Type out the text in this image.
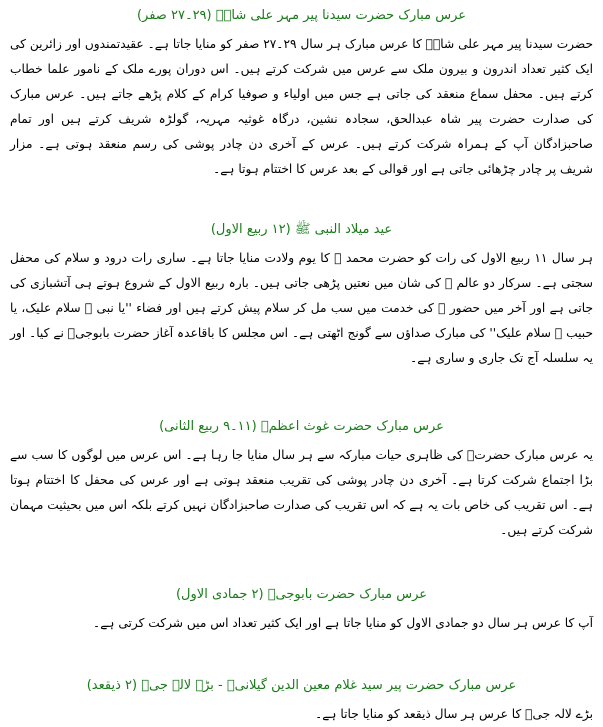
عرس مبارک حضرت سیدنا پیر مہر علی شاہؒ (۲۹۔۲۷ صفر)

حضرت سیدنا پیر مہر علی شاہؒ کا عرس مبارک ہر سال ۲۹۔۲۷ صفر کو منایا جاتا ہے۔ عقیدتمندوں اور زائرین کی ایک کثیر تعداد اندرون و بیرون ملک سے عرس میں شرکت کرتے ہیں۔ اس دوران پورے ملک کے نامور علما خطاب کرتے ہیں۔ محفل سماع منعقد کی جاتی ہے جس میں اولیاء و صوفیا کرام کے کلام پڑھے جاتے ہیں۔ عرس مبارک کی صدارت حضرت پیر شاہ عبدالحق، سجادہ نشین، درگاہ غوثیہ مہریہ، گولڑہ شریف کرتے ہیں اور تمام صاحبزادگان آپ کے ہمراہ شرکت کرتے ہیں۔ عرس کے آخری دن چادر پوشی کی رسم منعقد ہوتی ہے۔ مزار شریف پر چادر چڑھائی جاتی ہے اور قوالی کے بعد عرس کا اختتام ہوتا ہے۔

عید میلاد النبی ﷺ (۱۲ ربیع الاول)

ہر سال ۱۱ ربیع الاول کی رات کو حضرت محمد ﷺ کا یوم ولادت منایا جاتا ہے۔ ساری رات درود و سلام کی محفل سجتی ہے۔ سرکار دو عالم ﷺ کی شان میں نعتیں پڑھی جاتی ہیں۔ بارہ ربیع الاول کے شروع ہوتے ہی آتشبازی کی جاتی ہے اور آخر میں حضور ﷺ کی خدمت میں سب مل کر سلام پیش کرتے ہیں اور فضاء ''یا نبی ﷺ سلام علیک، یا حبیب ﷺ سلام علیک'' کی مبارک صداؤں سے گونج اٹھتی ہے۔ اس مجلس کا باقاعدہ آغاز حضرت بابوجیؒ نے کیا۔ اور یہ سلسلہ آج تک جاری و ساری ہے۔

عرس مبارک حضرت غوث اعظمؒ (۱۱۔۹ ربیع الثانی)

یہ عرس مبارک حضرتؒ کی ظاہری حیات مبارکہ سے ہر سال منایا جا رہا ہے۔ اس عرس میں لوگوں کا سب سے بڑا اجتماع شرکت کرتا ہے۔ آخری دن چادر پوشی کی تقریب منعقد ہوتی ہے اور عرس کی محفل کا اختتام ہوتا ہے۔ اس تقریب کی خاص بات یہ ہے کہ اس تقریب کی صدارت صاحبزادگان نہیں کرتے بلکہ اس میں بحیثیت مہمان شرکت کرتے ہیں۔

عرس مبارک حضرت بابوجیؒ (۲ جمادی الاول)

آپ کا عرس ہر سال دو جمادی الاول کو منایا جاتا ہے اور ایک کثیر تعداد اس میں شرکت کرتی ہے۔

عرس مبارک حضرت پیر سید غلام معین الدین گیلانیؒ - بڑے لالہ جیؒ (۲ ذیقعد)

بڑے لالہ جیؒ کا عرس ہر سال ذیقعد کو منایا جاتا ہے۔
